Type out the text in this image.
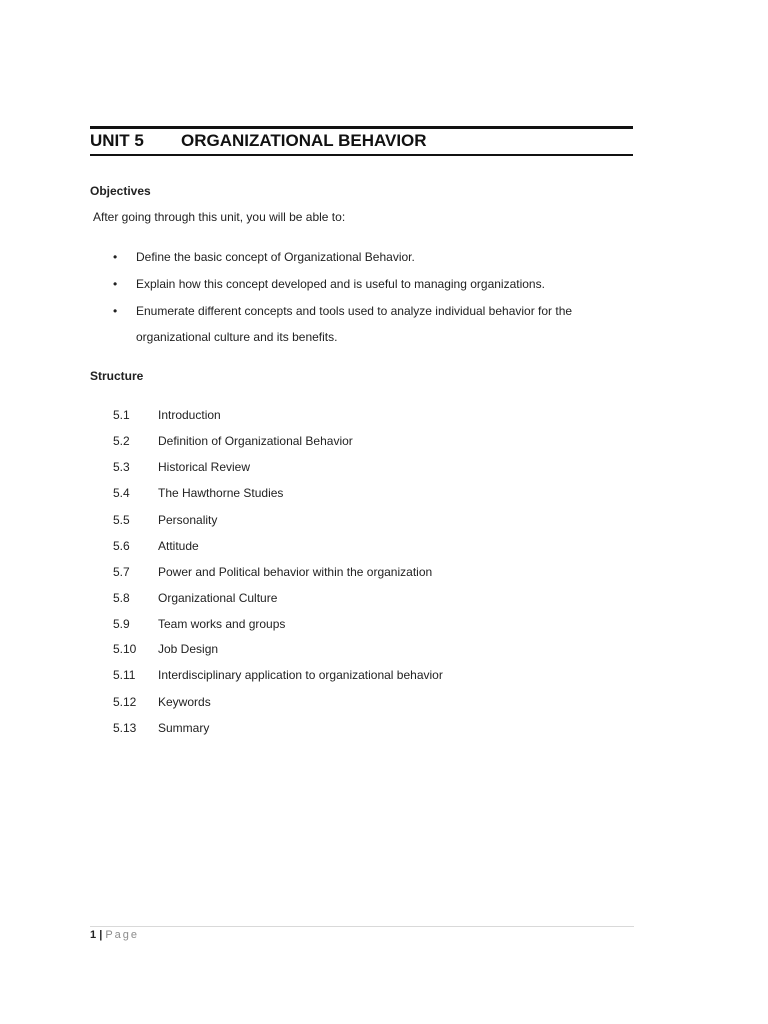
UNIT 5 ORGANIZATIONAL BEHAVIOR
Objectives
After going through this unit, you will be able to:
• Define the basic concept of Organizational Behavior.
• Explain how this concept developed and is useful to managing organizations.
• Enumerate different concepts and tools used to analyze individual behavior for the organizational culture and its benefits.
Structure
5.1 Introduction
5.2 Definition of Organizational Behavior
5.3 Historical Review
5.4 The Hawthorne Studies
5.5 Personality
5.6 Attitude
5.7 Power and Political behavior within the organization
5.8 Organizational Culture
5.9 Team works and groups
5.10 Job Design
5.11 Interdisciplinary application to organizational behavior
5.12 Keywords
5.13 Summary
1 | Page
